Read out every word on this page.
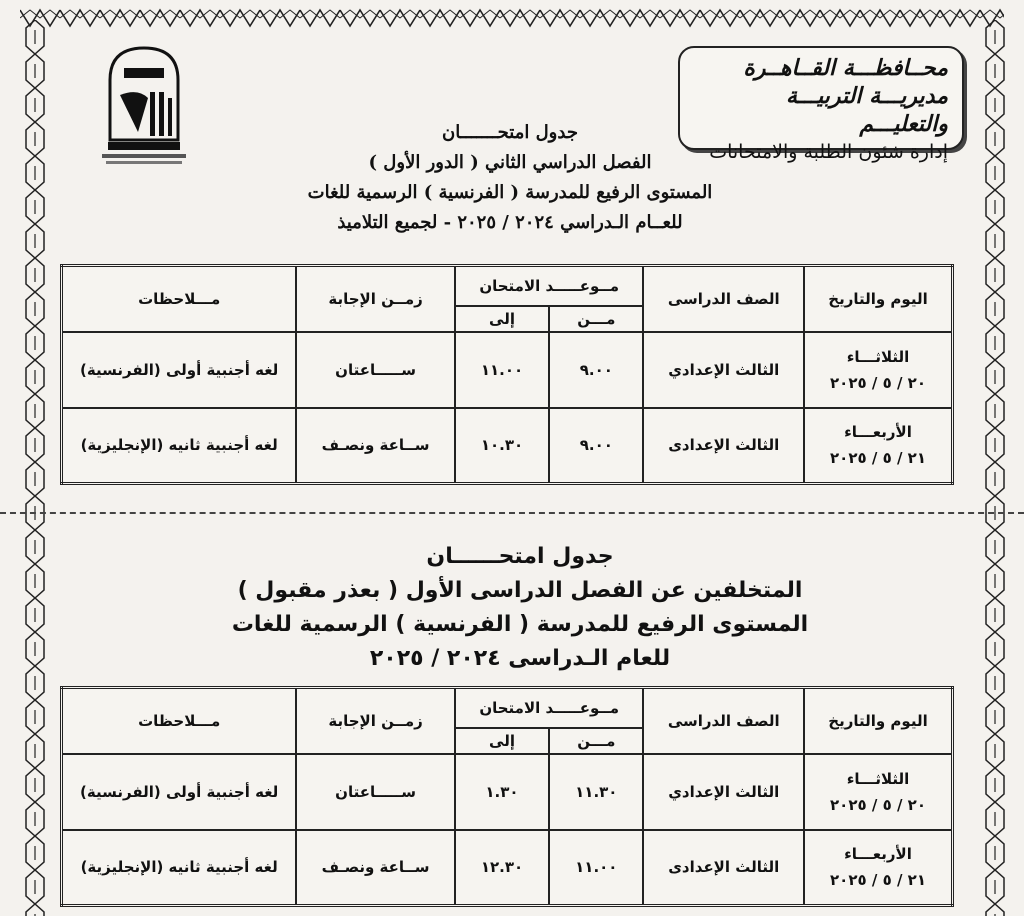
محــافظـــة القــاهــرة
مديريـــة التربيـــة والتعليـــم
إدارة شئون الطلبة والامتحانات
جدول امتحـــــــان
الفصل الدراسي الثاني ( الدور الأول )
المستوى الرفيع للمدرسة ( الفرنسية ) الرسمية للغات
للعــام الـدراسي ٢٠٢٤ / ٢٠٢٥ - لجميع التلاميذ
اليوم والتاريخ	الصف الدراسى	مــوعـــــد الامتحان		زمــن الإجابة	مـــلاحظات
		مـــن	إلى		

الثلاثـــاء
٢٠ / ٥ / ٢٠٢٥	الثالث الإعدادي	٩.٠٠	١١.٠٠	ســـــاعتان	لغه أجنبية أولى (الفرنسية)

الأربعـــاء
٢١ / ٥ / ٢٠٢٥	الثالث الإعدادى	٩.٠٠	١٠.٣٠	ســاعة ونصـف	لغه أجنبية ثانيه (الإنجليزية)
جدول امتحــــــان
المتخلفين عن الفصل الدراسى الأول ( بعذر مقبول )
المستوى الرفيع للمدرسة ( الفرنسية ) الرسمية للغات
للعام الـدراسى ٢٠٢٤ / ٢٠٢٥
اليوم والتاريخ	الصف الدراسى	مــوعـــــد الامتحان		زمــن الإجابة	مـــلاحظات
		مـــن	إلى		

الثلاثـــاء
٢٠ / ٥ / ٢٠٢٥	الثالث الإعدادي	١١.٣٠	١.٣٠	ســـــاعتان	لغه أجنبية أولى (الفرنسية)

الأربعـــاء
٢١ / ٥ / ٢٠٢٥	الثالث الإعدادى	١١.٠٠	١٢.٣٠	ســاعة ونصـف	لغه أجنبية ثانيه (الإنجليزية)
